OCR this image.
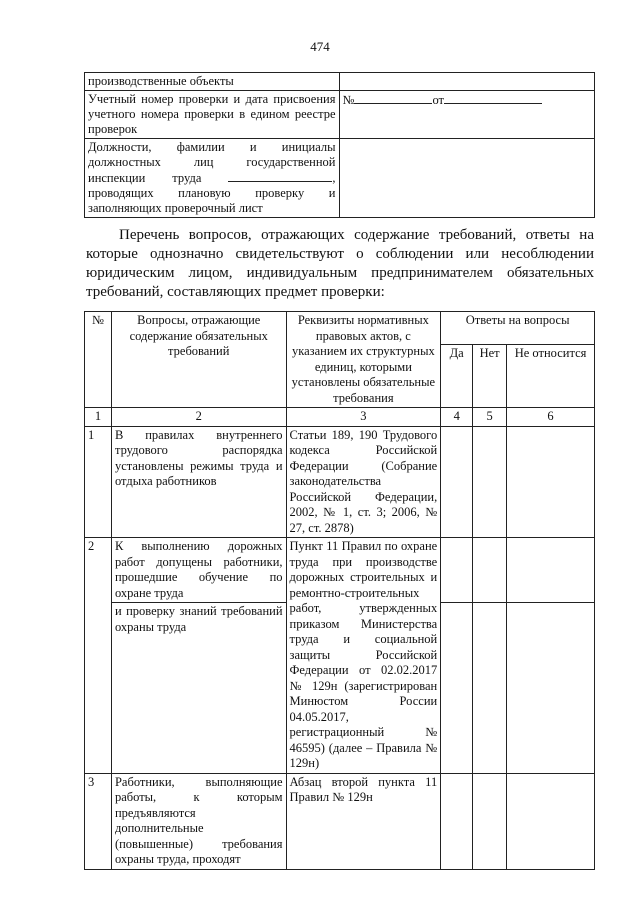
474
производственные объекты	
Учетный номер проверки и дата присвоения учетного номера проверки в едином реестре проверок	№ от
Должности, фамилии и инициалы должностных лиц государственной инспекции труда , проводящих плановую проверку и заполняющих проверочный лист	
Перечень вопросов, отражающих содержание требований, ответы на которые однозначно свидетельствуют о соблюдении или несоблюдении юридическим лицом, индивидуальным предпринимателем обязательных требований, составляющих предмет проверки:
№	Вопросы, отражающие содержание обязательных требований	Реквизиты нормативных правовых актов, с указанием их структурных единиц, которыми установлены обязательные требования	Ответы на вопросы		
			Да	Нет	Не относится
1	2	3	4	5	6
1	В правилах внутреннего трудового распорядка установлены режимы труда и отдыха работников	Статьи 189, 190 Трудового кодекса Российской Федерации (Собрание законодательства Российской Федерации, 2002, № 1, ст. 3; 2006, № 27, ст. 2878)			
2	К выполнению дорожных работ допущены работники, прошедшие обучение по охране труда	Пункт 11 Правил по охране труда при производстве дорожных строительных и ремонтно-строительных работ, утвержденных приказом Министерства труда и социальной защиты Российской Федерации от 02.02.2017 № 129н (зарегистрирован Минюстом России 04.05.2017, регистрационный № 46595) (далее – Правила № 129н)			
	и проверку знаний требований охраны труда				
3	Работники, выполняющие работы, к которым предъявляются дополнительные (повышенные) требования охраны труда, проходят	Абзац второй пункта 11 Правил № 129н			
